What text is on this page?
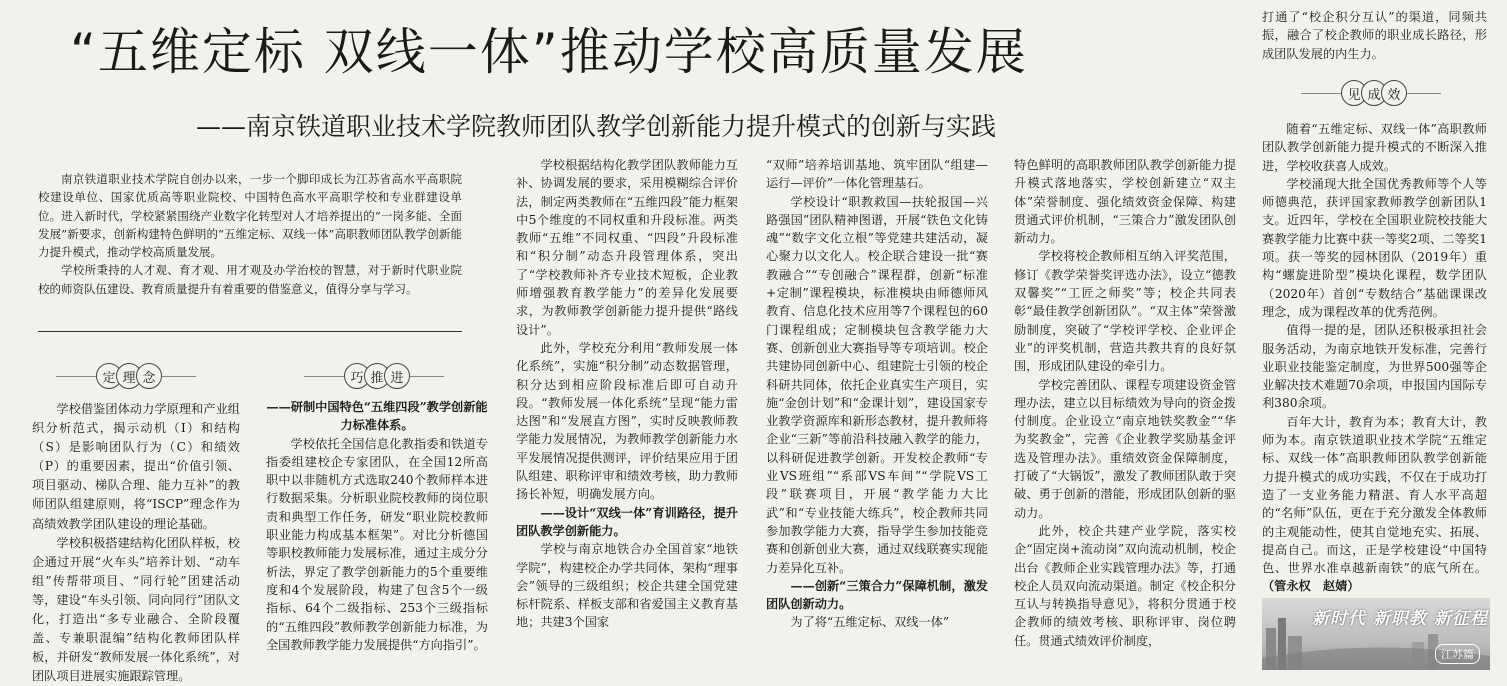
“五维定标 双线一体”推动学校高质量发展
——南京铁道职业技术学院教师团队教学创新能力提升模式的创新与实践

南京铁道职业技术学院自创办以来，一步一个脚印成长为江苏省高水平高职院校建设单位、国家优质高等职业院校、中国特色高水平高职学校和专业群建设单位。进入新时代，学校紧紧围绕产业数字化转型对人才培养提出的“一岗多能、全面发展”新要求，创新构建特色鲜明的“五维定标、双线一体”高职教师团队教学创新能力提升模式，推动学校高质量发展。

学校所秉持的人才观、育才观、用才观及办学治校的智慧，对于新时代职业院校的师资队伍建设、教育质量提升有着重要的借鉴意义，值得分享与学习。

定 理 念	巧 推 进
见 成 效

学校借鉴团体动力学原理和产业组织分析范式，揭示动机（I）和结构（S）是影响团队行为（C）和绩效（P）的重要因素，提出“价值引领、项目驱动、梯队合理、能力互补”的教师团队组建原则，将“ISCP”理念作为高绩效教学团队建设的理论基础。

学校积极搭建结构化团队样板，校企通过开展“火车头”培养计划、“动车组”传帮带项目、“同行轮”团建活动等，建设“车头引领、同向同行”团队文化，打造出“多专业融合、全阶段覆盖、专兼职混编”结构化教师团队样板，并研发“教师发展一体化系统”，对团队项目进展实施跟踪管理。

——研制中国特色“五维四段”教学创新能力标准体系。

学校依托全国信息化教指委和铁道专指委组建校企专家团队，在全国12所高职中以非随机方式选取240个教师样本进行数据采集。分析职业院校教师的岗位职责和典型工作任务，研发“职业院校教师职业能力构成基本框架”。对比分析德国等职校教师能力发展标准，通过主成分分析法，界定了教学创新能力的5个重要维度和4个发展阶段，构建了包含5个一级指标、64个二级指标、253个三级指标的“五维四段”教师教学创新能力标准，为全国教师教学能力发展提供“方向指引”。

学校根据结构化教学团队教师能力互补、协调发展的要求，采用模糊综合评价法，制定两类教师在“五维四段”能力框架中5个维度的不同权重和升段标准。两类教师“五维”不同权重、“四段”升段标准和“积分制”动态升段管理体系，突出了“学校教师补齐专业技术短板，企业教师增强教育教学能力”的差异化发展要求，为教师教学创新能力提升提供“路线设计”。

此外，学校充分利用“教师发展一体化系统”，实施“积分制”动态数据管理，积分达到相应阶段标准后即可自动升段。“教师发展一体化系统”呈现“能力雷达图”和“发展直方图”，实时反映教师教学能力发展情况，为教师教学创新能力水平发展情况提供测评，评价结果应用于团队组建、职称评审和绩效考核，助力教师扬长补短，明确发展方向。

——设计“双线一体”育训路径，提升团队教学创新能力。

学校与南京地铁合办全国首家“地铁学院”，构建校企办学共同体，架构“理事会”领导的三级组织；校企共建全国党建标杆院系、样板支部和省爱国主义教育基地；共建3个国家

“双师”培养培训基地、筑牢团队“组建—运行—评价”一体化管理基石。

学校设计“职教救国—扶轮报国—兴路强国”团队精神图谱，开展“铁色文化铸魂”“数字文化立根”等党建共建活动，凝心聚力以文化人。校企联合建设一批“赛教融合”“专创融合”课程群，创新“标准+定制”课程模块，标准模块由师德师风教育、信息化技术应用等7个课程包的60门课程组成；定制模块包含教学能力大赛、创新创业大赛指导等专项培训。校企共建协同创新中心、组建院士引领的校企科研共同体，依托企业真实生产项目，实施“金创计划”和“金课计划”，建设国家专业教学资源库和新形态教材，提升教师将企业“三新”等前沿科技融入教学的能力，以科研促进教学创新。开发校企教师“专业VS班组”“系部VS车间”“学院VS工段”联赛项目，开展“教学能力大比武”和“专业技能大练兵”，校企教师共同参加教学能力大赛，指导学生参加技能竞赛和创新创业大赛，通过双线联赛实现能力差异化互补。

——创新“三策合力”保障机制，激发团队创新动力。

为了将“五维定标、双线一体”

特色鲜明的高职教师团队教学创新能力提升模式落地落实，学校创新建立“双主体”荣誉制度、强化绩效资金保障、构建贯通式评价机制，“三策合力”激发团队创新动力。

学校将校企教师相互纳入评奖范围，修订《教学荣誉奖评选办法》，设立“德教双馨奖”“工匠之师奖”等；校企共同表彰“最佳教学创新团队”。“双主体”荣誉激励制度，突破了“学校评学校、企业评企业”的评奖机制，营造共教共育的良好氛围，形成团队建设的牵引力。

学校完善团队、课程专项建设资金管理办法，建立以目标绩效为导向的资金拨付制度。企业设立“南京地铁奖教金”“华为奖教金”，完善《企业教学奖励基金评选及管理办法》。重绩效资金保障制度，打破了“大锅饭”，激发了教师团队敢于突破、勇于创新的潜能，形成团队创新的驱动力。

此外，校企共建产业学院，落实校企“固定岗+流动岗”双向流动机制，校企出台《教师企业实践管理办法》等，打通校企人员双向流动渠道。制定《校企积分互认与转换指导意见》，将积分贯通于校企教师的绩效考核、职称评审、岗位聘任。贯通式绩效评价制度，

打通了“校企积分互认”的渠道，同频共振，融合了校企教师的职业成长路径，形成团队发展的内生力。

随着“五维定标、双线一体”高职教师团队教学创新能力提升模式的不断深入推进，学校收获喜人成效。

学校涌现大批全国优秀教师等个人等师德典范，获评国家教师教学创新团队1支。近四年，学校在全国职业院校技能大赛教学能力比赛中获一等奖2项、二等奖1项。获一等奖的园林团队（2019年）重构“螺旋进阶型”模块化课程，数学团队（2020年）首创“专数结合”基础课课改理念，成为课程改革的优秀范例。

值得一提的是，团队还积极承担社会服务活动，为南京地铁开发标准，完善行业职业技能鉴定制度，为世界500强等企业解决技术难题70余项，申报国内国际专利380余项。

百年大计，教育为本；教育大计，教师为本。南京铁道职业技术学院“五维定标、双线一体”高职教师团队教学创新能力提升模式的成功实践，不仅在于成功打造了一支业务能力精湛、育人水平高超的“名师”队伍，更在于充分激发全体教师的主观能动性，使其自觉地充实、拓展、提高自己。而这，正是学校建设“中国特色、世界水准卓越新南铁”的底气所在。（管永权　赵婧）

新时代 新职教 新征程
江苏篇
